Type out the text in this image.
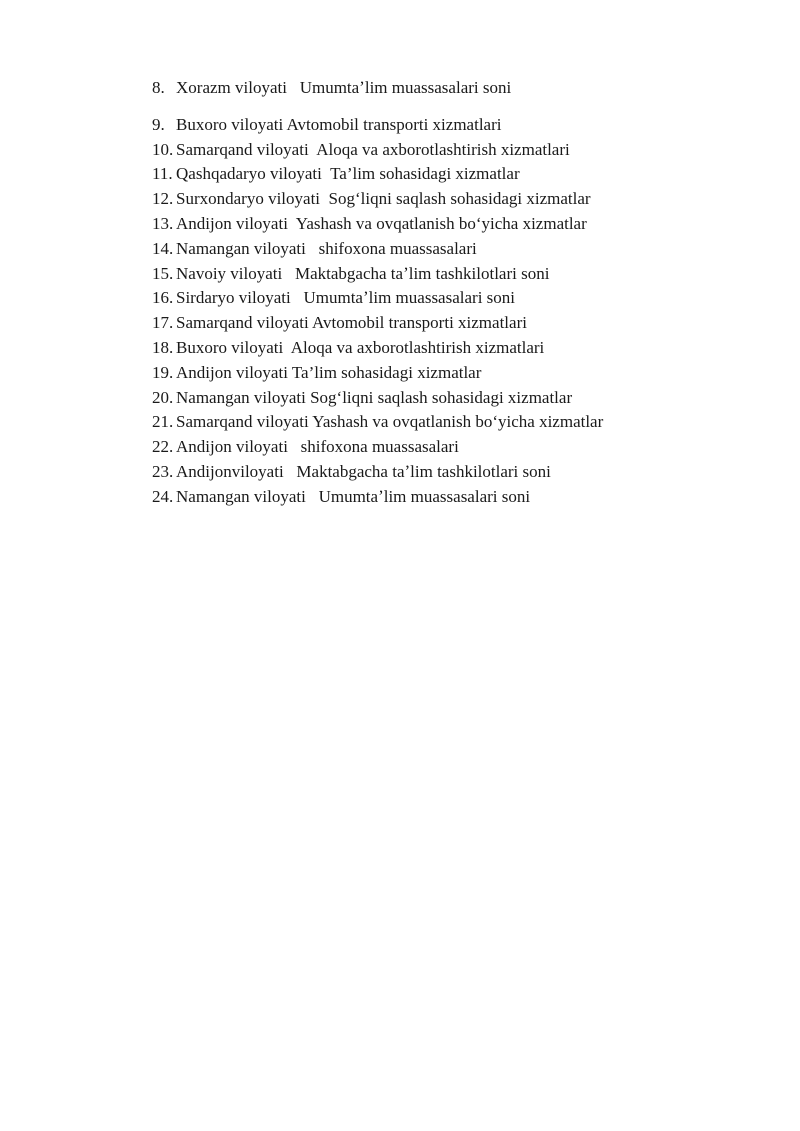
8. Xorazm viloyati   Umumtaʼlim muassasalari soni
9. Buxoro viloyati Avtomobil transporti xizmatlari
10. Samarqand viloyati  Aloqa va axborotlashtirish xizmatlari
11. Qashqadaryo viloyati  Ta’lim sohasidagi xizmatlar
12. Surxondaryo viloyati  Sog‘liqni saqlash sohasidagi xizmatlar
13. Andijon viloyati  Yashash va ovqatlanish bo‘yicha xizmatlar
14. Namangan viloyati   shifoxona muassasalari
15. Navoiy viloyati   Maktabgacha taʼlim tashkilotlari soni
16. Sirdaryo viloyati   Umumtaʼlim muassasalari soni
17. Samarqand viloyati Avtomobil transporti xizmatlari
18. Buxoro viloyati  Aloqa va axborotlashtirish xizmatlari
19. Andijon viloyati Ta’lim sohasidagi xizmatlar
20. Namangan viloyati Sog‘liqni saqlash sohasidagi xizmatlar
21. Samarqand viloyati Yashash va ovqatlanish bo‘yicha xizmatlar
22. Andijon viloyati   shifoxona muassasalari
23. Andijonviloyati   Maktabgacha taʼlim tashkilotlari soni
24. Namangan viloyati   Umumtaʼlim muassasalari soni
